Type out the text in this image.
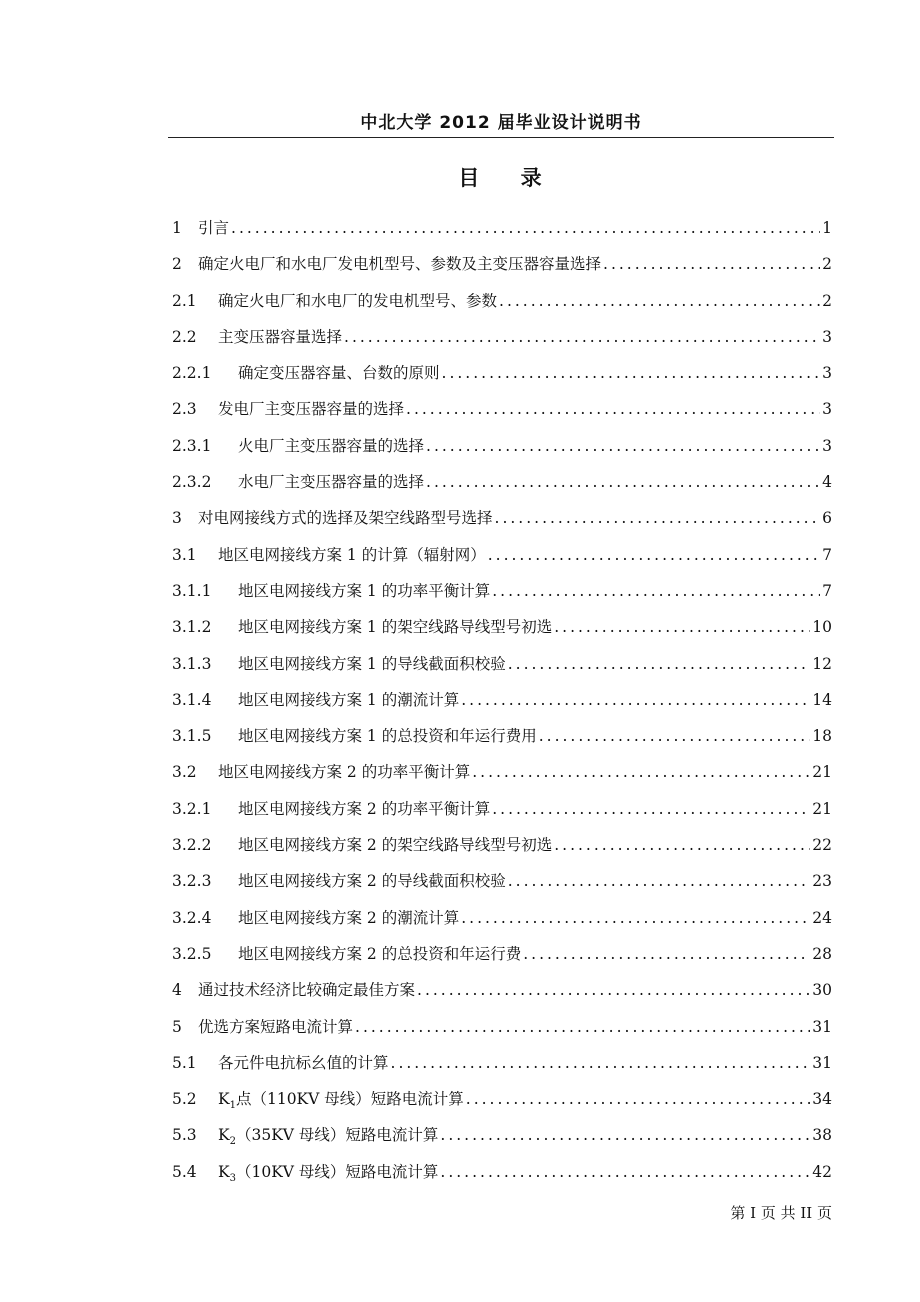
中北大学 2012 届毕业设计说明书
目 录
1	引言 .....	1
2	确定火电厂和水电厂发电机型号、参数及主变压器容量选择 .....	2
2.1	确定火电厂和水电厂的发电机型号、参数 .....	2
2.2	主变压器容量选择 .....	3
2.2.1	确定变压器容量、台数的原则 .....	3
2.3	发电厂主变压器容量的选择 .....	3
2.3.1	火电厂主变压器容量的选择 .....	3
2.3.2	水电厂主变压器容量的选择 .....	4
3	对电网接线方式的选择及架空线路型号选择 .....	6
3.1	地区电网接线方案 1 的计算（辐射网） .....	7
3.1.1	地区电网接线方案 1 的功率平衡计算 .....	7
3.1.2	地区电网接线方案 1 的架空线路导线型号初选 .....	10
3.1.3	地区电网接线方案 1 的导线截面积校验 .....	12
3.1.4	地区电网接线方案 1 的潮流计算 .....	14
3.1.5	地区电网接线方案 1 的总投资和年运行费用 .....	18
3.2	地区电网接线方案 2 的功率平衡计算 .....	21
3.2.1	地区电网接线方案 2 的功率平衡计算 .....	21
3.2.2	地区电网接线方案 2 的架空线路导线型号初选 .....	22
3.2.3	地区电网接线方案 2 的导线截面积校验 .....	23
3.2.4	地区电网接线方案 2 的潮流计算 .....	24
3.2.5	地区电网接线方案 2 的总投资和年运行费 .....	28
4	通过技术经济比较确定最佳方案 .....	30
5	优选方案短路电流计算 .....	31
5.1	各元件电抗标幺值的计算 .....	31
5.2	$K_1$点（110KV 母线）短路电流计算 .....	34
5.3	$K_2(35KV$ 母线）短路电流计算 .....	38
5.4	$K_3(10KV$ 母线）短路电流计算 .....	42
第 I 页 共 II 页
